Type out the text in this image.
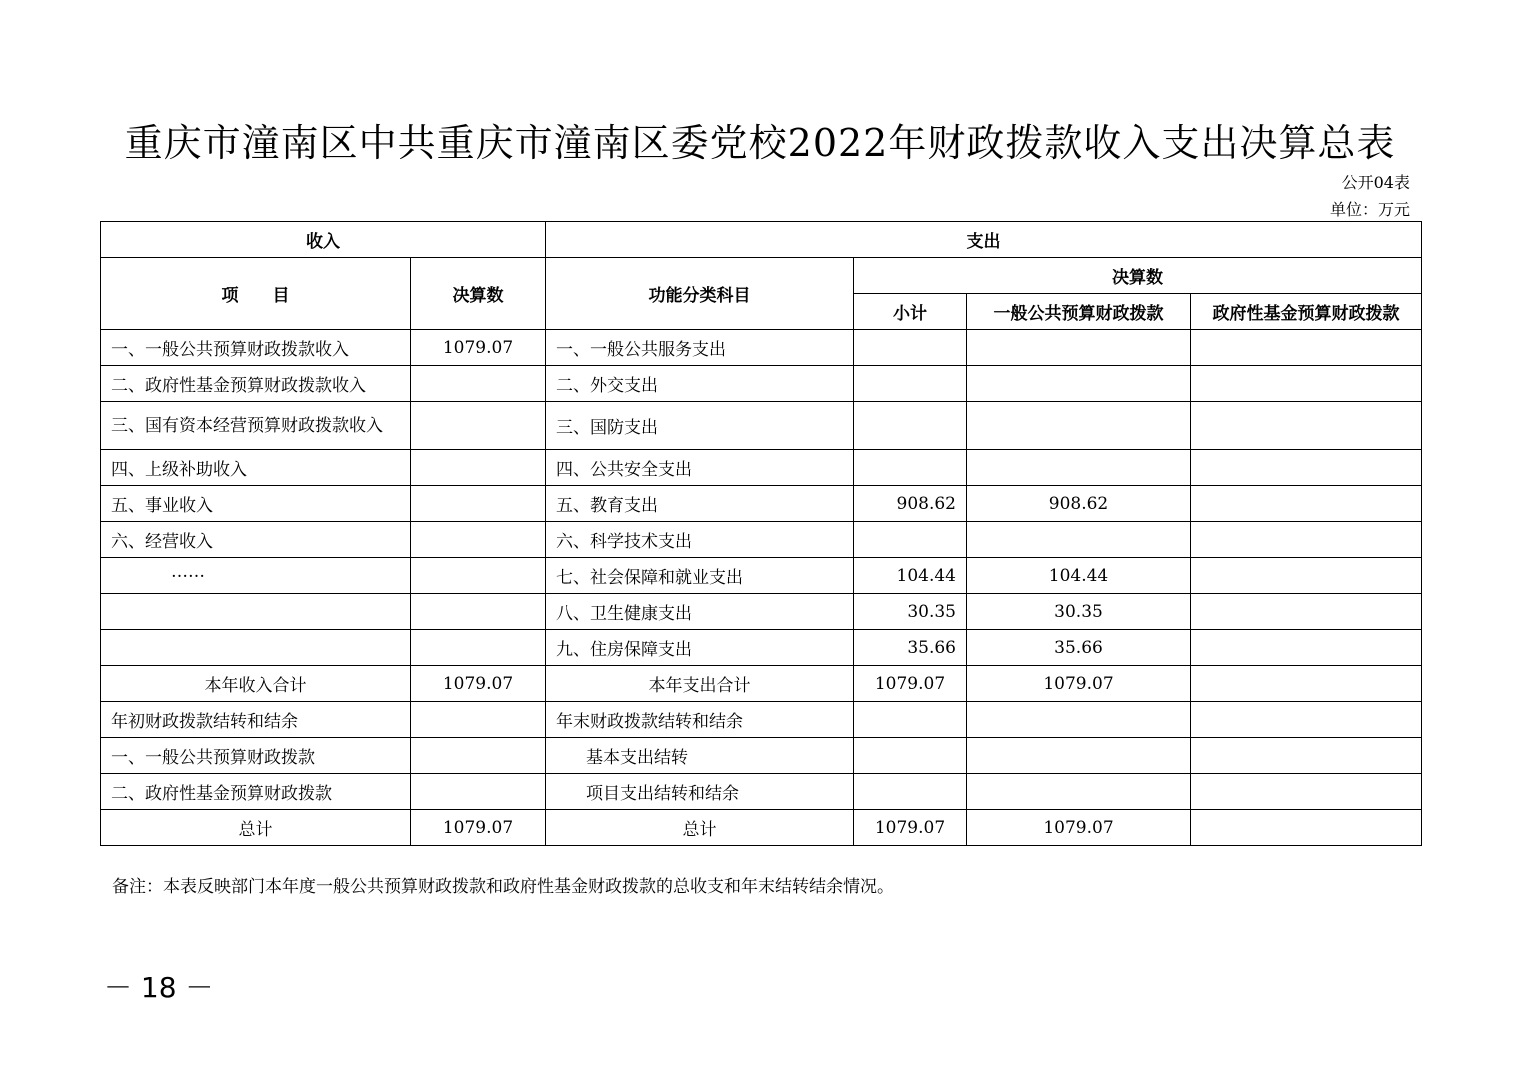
重庆市潼南区中共重庆市潼南区委党校2022年财政拨款收入支出决算总表
公开04表
单位：万元
收入		支出			
项　　目	决算数	功能分类科目	决算数		
			小计	一般公共预算财政拨款	政府性基金预算财政拨款
一、一般公共预算财政拨款收入	1079.07	一、一般公共服务支出			
二、政府性基金预算财政拨款收入		二、外交支出			
三、国有资本经营预算财政拨款收入		三、国防支出			
四、上级补助收入		四、公共安全支出			
五、事业收入		五、教育支出	908.62	908.62	
六、经营收入		六、科学技术支出			
……		七、社会保障和就业支出	104.44	104.44	
		八、卫生健康支出	30.35	30.35	
		九、住房保障支出	35.66	35.66	
本年收入合计	1079.07	本年支出合计	1079.07	1079.07	
年初财政拨款结转和结余		年末财政拨款结转和结余			
一、一般公共预算财政拨款		基本支出结转			
二、政府性基金预算财政拨款		项目支出结转和结余			
总计	1079.07	总计	1079.07	1079.07	
备注：本表反映部门本年度一般公共预算财政拨款和政府性基金财政拨款的总收支和年末结转结余情况。
－ 18 －
